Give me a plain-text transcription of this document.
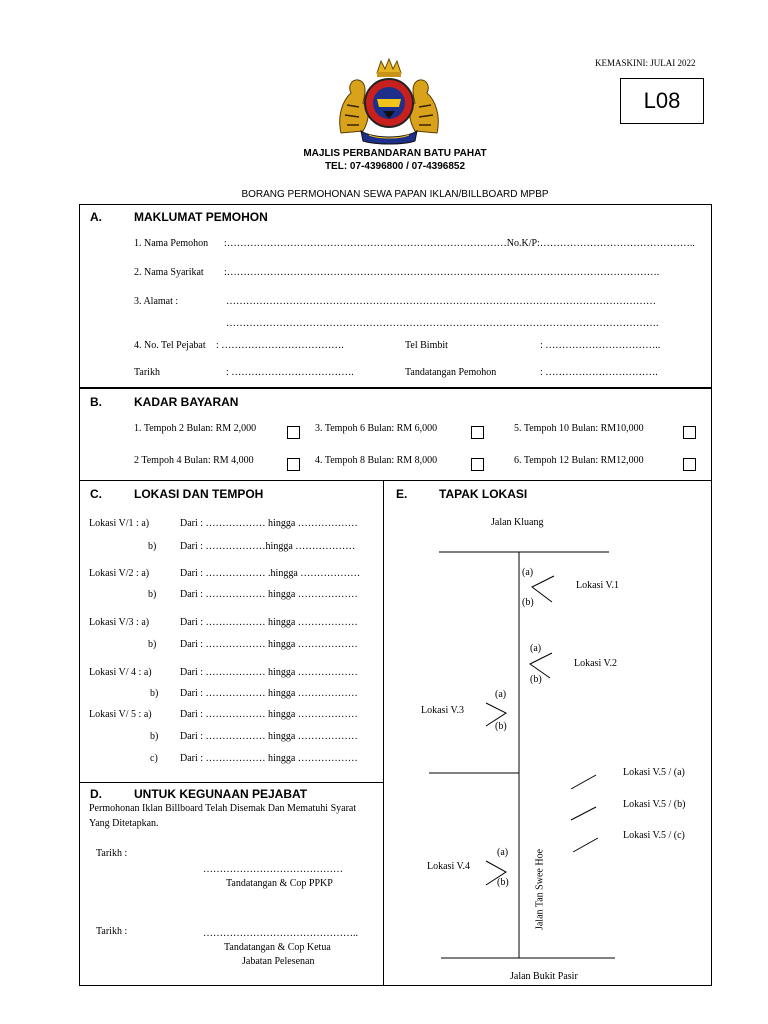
KEMASKINI: JULAI 2022
L08
MAJLIS PERBANDARAN BATU PAHAT
TEL: 07-4396800 / 07-4396852
BORANG PERMOHONAN SEWA PAPAN IKLAN/BILLBOARD MPBP
A.	MAKLUMAT PEMOHON
1. Nama Pemohon :…………………………………………………………………………No.K/P:………………………………………..
2. Nama Syarikat :………………………………………………………………………………………………………………….
3. Alamat :	…………………………………………………………………………………………………………………
………………………………………………………………………………………………………………….
4. No. Tel Pejabat : ……………………………….	Tel Bimbit	: ……………………………..
Tarikh	: ……………………………….	Tandatangan Pemohon	: …………………………….
B.	KADAR BAYARAN
1. Tempoh 2 Bulan: RM 2,000	3. Tempoh 6 Bulan: RM 6,000	5. Tempoh 10 Bulan: RM10,000
2 Tempoh 4 Bulan: RM 4,000	4. Tempoh 8 Bulan: RM 8,000	6. Tempoh 12 Bulan: RM12,000
C.	LOKASI DAN TEMPOH
Lokasi V/1 : a)	Dari : ……………… hingga ………………
b) Dari : ………………hingga ………………
Lokasi V/2 : a)	Dari : ……………… .hingga ………………
b) Dari : ……………… hingga ………………
Lokasi V/3 : a)	Dari : ……………… hingga ………………
b) Dari : ……………… hingga ………………
Lokasi V/ 4 : a)	Dari : ……………… hingga ………………
b) Dari : ……………… hingga ………………
Lokasi V/ 5 : a)	Dari : ……………… hingga ………………
b) Dari : ……………… hingga ………………
c) Dari : ……………… hingga ………………
D.	UNTUK KEGUNAAN PEJABAT
Permohonan Iklan Billboard Telah Disemak Dan Mematuhi Syarat
Yang Ditetapkan.
Tarikh :
……………………………………
Tandatangan & Cop PPKP
Tarikh :	………………………………………..
Tandatangan & Cop Ketua
Jabatan Pelesenan
E.	TAPAK LOKASI
Jalan Kluang
Jalan Tan Swee Hoe
Jalan Bukit Pasir
(a)
(b)
Lokasi V.1
(a)
(b)
Lokasi V.2
Lokasi V.3
(a)
(b)
Lokasi V.5 / (a)
Lokasi V.5 / (b)
Lokasi V.5 / (c)
Lokasi V.4
(a)
(b)
